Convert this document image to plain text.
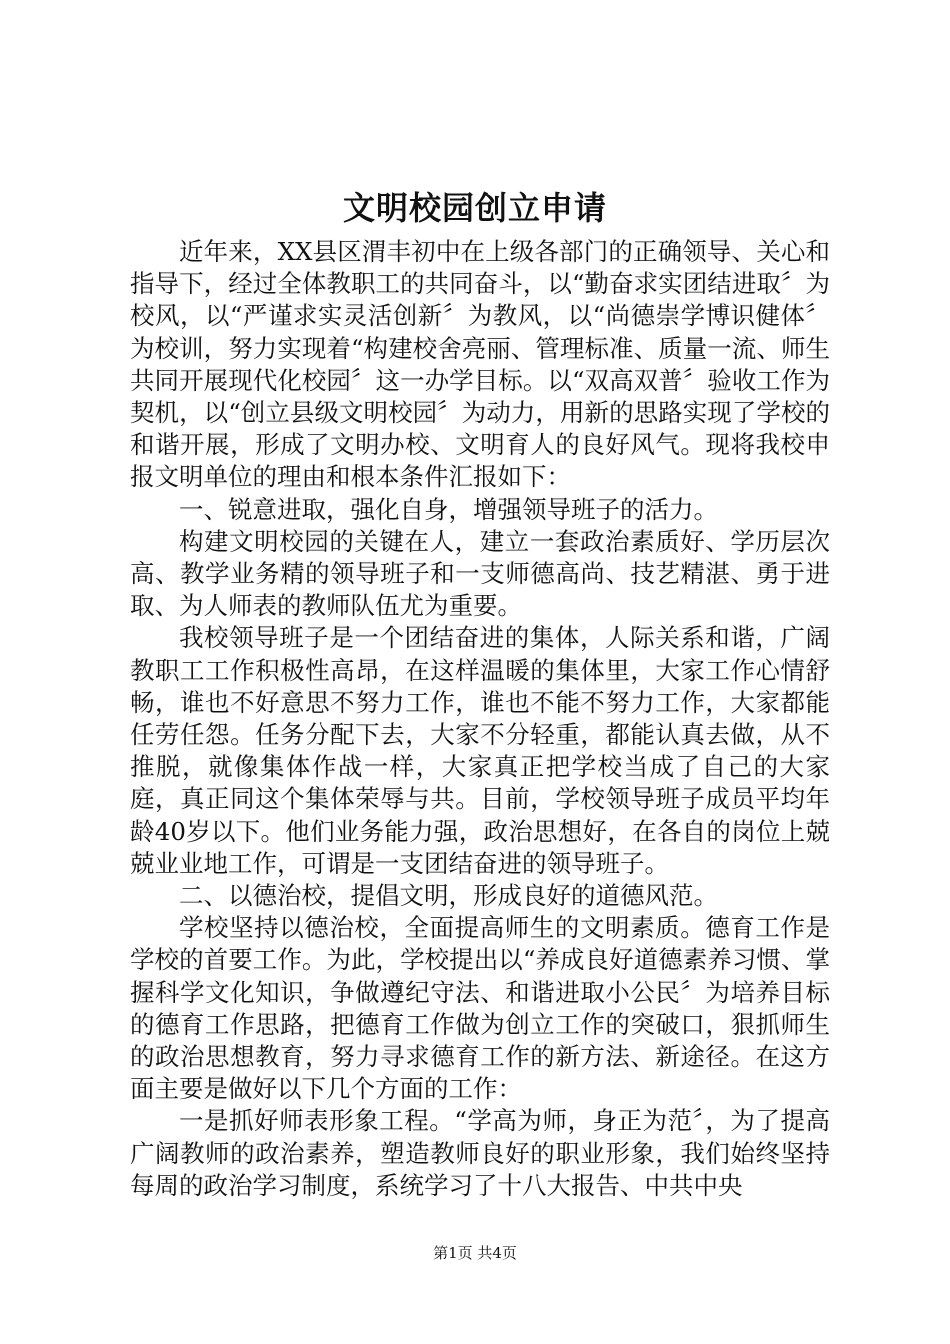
文明校园创立申请

近年来，XX县区渭丰初中在上级各部门的正确领导、关心和指导下，经过全体教职工的共同奋斗，以“勤奋求实团结进取〞为校风，以“严谨求实灵活创新〞为教风，以“尚德崇学博识健体〞为校训，努力实现着“构建校舍亮丽、管理标准、质量一流、师生共同开展现代化校园〞这一办学目标。以“双高双普〞验收工作为契机，以“创立县级文明校园〞为动力，用新的思路实现了学校的和谐开展，形成了文明办校、文明育人的良好风气。现将我校申报文明单位的理由和根本条件汇报如下：

一、锐意进取，强化自身，增强领导班子的活力。

构建文明校园的关键在人，建立一套政治素质好、学历层次高、教学业务精的领导班子和一支师德高尚、技艺精湛、勇于进取、为人师表的教师队伍尤为重要。

我校领导班子是一个团结奋进的集体，人际关系和谐，广阔教职工工作积极性高昂，在这样温暖的集体里，大家工作心情舒畅，谁也不好意思不努力工作，谁也不能不努力工作，大家都能任劳任怨。任务分配下去，大家不分轻重，都能认真去做，从不推脱，就像集体作战一样，大家真正把学校当成了自己的大家庭，真正同这个集体荣辱与共。目前，学校领导班子成员平均年龄40岁以下。他们业务能力强，政治思想好，在各自的岗位上兢兢业业地工作，可谓是一支团结奋进的领导班子。

二、以德治校，提倡文明，形成良好的道德风范。

学校坚持以德治校，全面提高师生的文明素质。德育工作是学校的首要工作。为此，学校提出以“养成良好道德素养习惯、掌握科学文化知识，争做遵纪守法、和谐进取小公民〞为培养目标的德育工作思路，把德育工作做为创立工作的突破口，狠抓师生的政治思想教育，努力寻求德育工作的新方法、新途径。在这方面主要是做好以下几个方面的工作：

一是抓好师表形象工程。“学高为师，身正为范〞，为了提高广阔教师的政治素养，塑造教师良好的职业形象，我们始终坚持每周的政治学习制度，系统学习了十八大报告、中共中央

第1页 共4页
